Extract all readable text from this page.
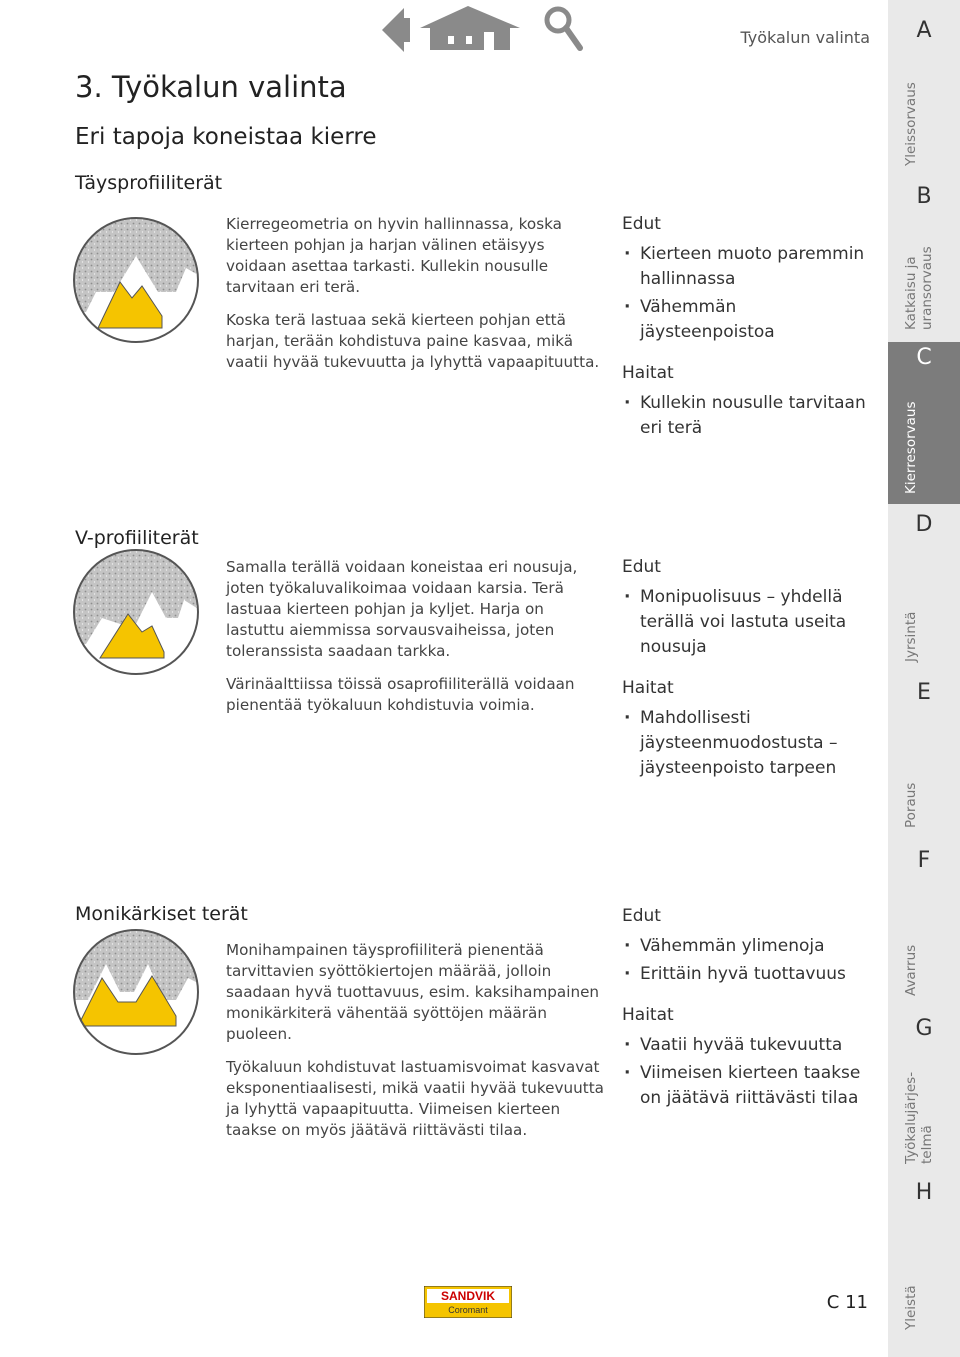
Työkalun valinta
3. Työkalun valinta
Eri tapoja koneistaa kierre
Täysprofiiliterät

Kierregeometria on hyvin hallinnassa, koska kierteen pohjan ja harjan välinen etäisyys voidaan asettaa tarkasti. Kullekin nousulle tarvitaan eri terä.

Koska terä lastuaa sekä kierteen pohjan että harjan, terään kohdistuva paine kasvaa, mikä vaatii hyvää tukevuutta ja lyhyttä vapaapituutta.

Edut
· Kierteen muoto paremmin hallinnassa
· Vähemmän jäysteenpoistoa
Haitat
· Kullekin nousulle tarvitaan eri terä
V-profiiliterät

Samalla terällä voidaan koneistaa eri nousuja, joten työkaluvalikoimaa voidaan karsia. Terä lastuaa kierteen pohjan ja kyljet. Harja on lastuttu aiemmissa sorvausvaiheissa, joten toleranssista saadaan tarkka.

Värinäalttiissa töissä osaprofiiliterällä voidaan pienentää työkaluun kohdistuvia voimia.

Edut
· Monipuolisuus – yhdellä terällä voi lastuta useita nousuja
Haitat
· Mahdollisesti jäysteenmuodostusta – jäysteenpoisto tarpeen
Monikärkiset terät

Monihampainen täysprofiiliterä pienentää tarvittavien syöttökiertojen määrää, jolloin saadaan hyvä tuottavuus, esim. kaksihampainen monikärkiterä vähentää syöttöjen määrän puoleen.

Työkaluun kohdistuvat lastuamisvoimat kasvavat eksponentiaalisesti, mikä vaatii hyvää tukevuutta ja lyhyttä vapaapituutta. Viimeisen kierteen taakse on myös jäätävä riittävästi tilaa.

Edut
· Vähemmän ylimenoja
· Erittäin hyvä tuottavuus
Haitat
· Vaatii hyvää tukevuutta
· Viimeisen kierteen taakse on jäätävä riittävästi tilaa
A
Yleissorvaus
B
Katkaisu ja uransorvaus
C
Kierresorvaus
D
Jyrsintä
E
Poraus
F
Avarrus
G
Työkalujärjes- telmä
H
Yleistä
SANDVIK
Coromant	C 11
